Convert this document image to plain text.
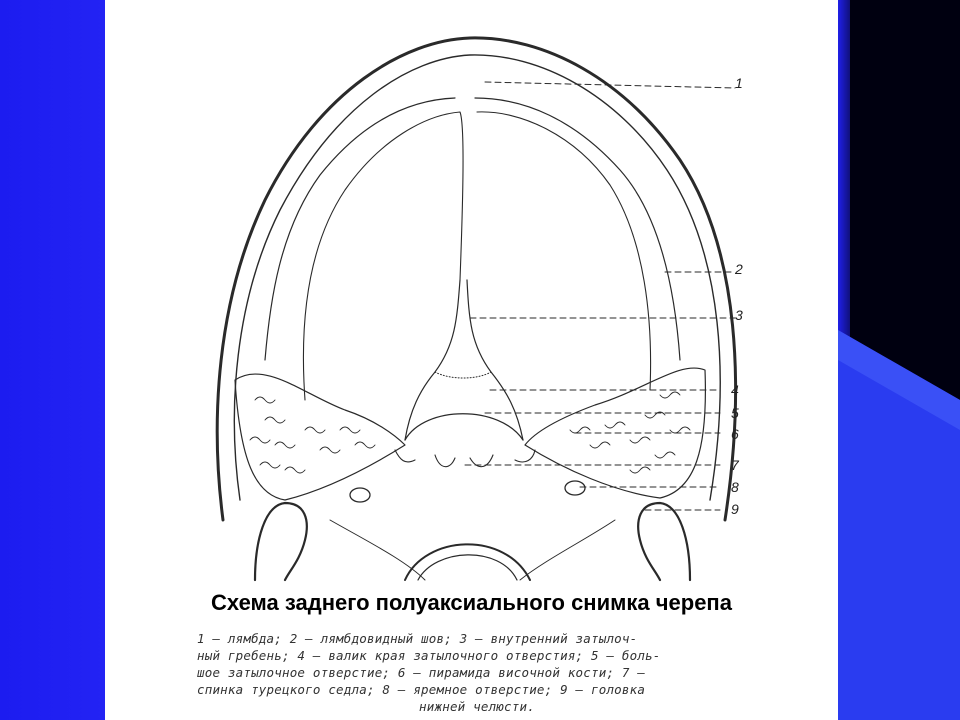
1
2
3
4
5
6
7
8
9
Схема заднего полуаксиального снимка черепа
1 — лямбда; 2 — лямбдовидный шов; 3 — внутренний затылоч-
ный гребень; 4 — валик края затылочного отверстия; 5 — боль-
шое затылочное отверстие; 6 — пирамида височной кости; 7 —
спинка турецкого седла; 8 — яремное отверстие; 9 — головка
нижней челюсти.
